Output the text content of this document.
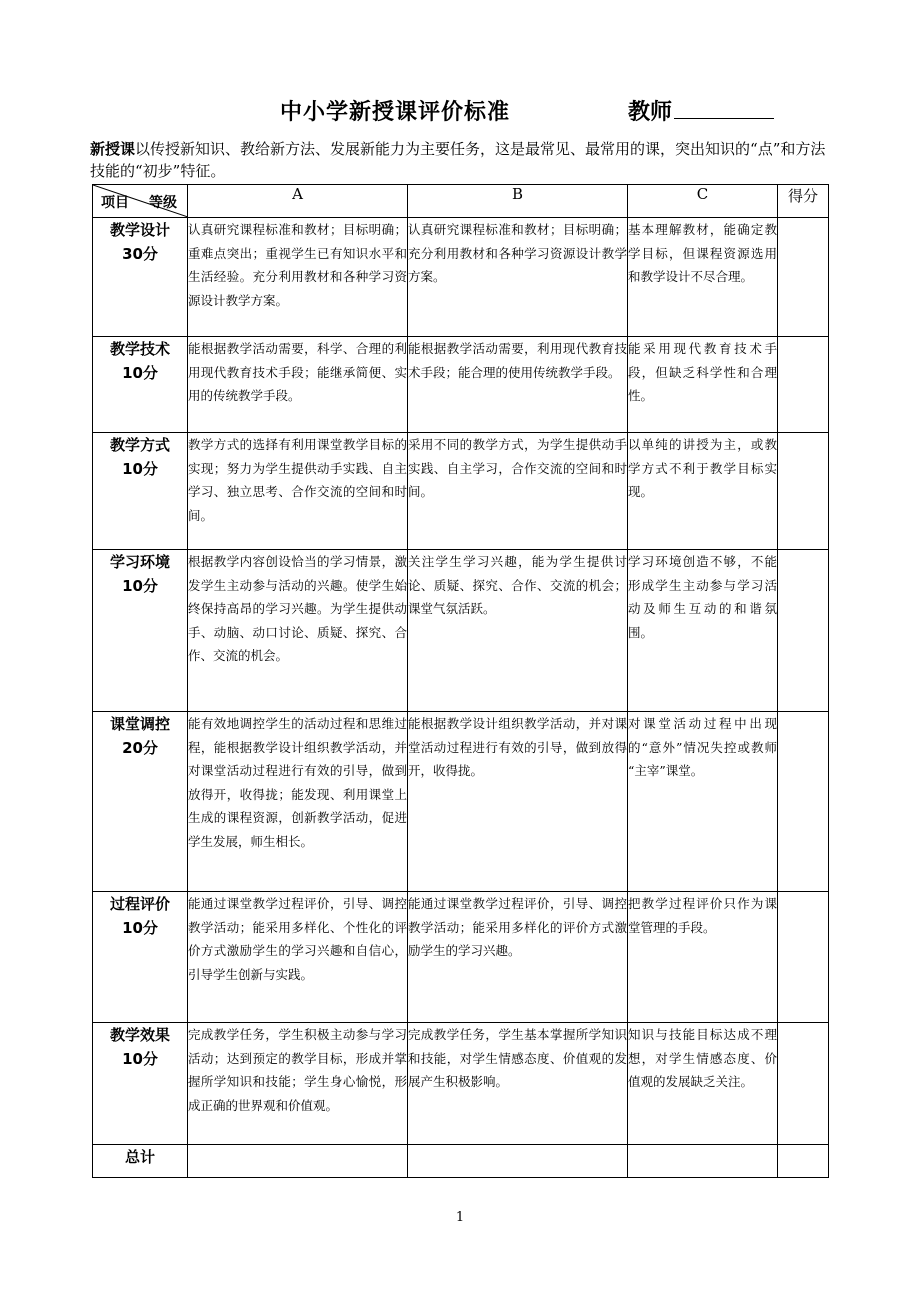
中小学新授课评价标准	教师
新授课以传授新知识、教给新方法、发展新能力为主要任务，这是最常见、最常用的课，突出知识的“点”和方法技能的“初步”特征。
项目 等级	A	B	C	得分

教学设计
30分	认真研究课程标准和教材；目标明确；重难点突出；重视学生已有知识水平和生活经验。充分利用教材和各种学习资源设计教学方案。	认真研究课程标准和教材；目标明确；充分利用教材和各种学习资源设计教学方案。	基本理解教材，能确定教学目标，但课程资源选用和教学设计不尽合理。	

教学技术
10分	能根据教学活动需要，科学、合理的利用现代教育技术手段；能继承简便、实用的传统教学手段。	能根据教学活动需要，利用现代教育技术手段；能合理的使用传统教学手段。	能采用现代教育技术手段，但缺乏科学性和合理性。	

教学方式
10分	教学方式的选择有利用课堂教学目标的实现；努力为学生提供动手实践、自主学习、独立思考、合作交流的空间和时间。	采用不同的教学方式，为学生提供动手实践、自主学习，合作交流的空间和时间。	以单纯的讲授为主，或教学方式不利于教学目标实现。	

学习环境
10分	根据教学内容创设恰当的学习情景，激发学生主动参与活动的兴趣。使学生始终保持高昂的学习兴趣。为学生提供动手、动脑、动口讨论、质疑、探究、合作、交流的机会。	关注学生学习兴趣，能为学生提供讨论、质疑、探究、合作、交流的机会；课堂气氛活跃。	学习环境创造不够，不能形成学生主动参与学习活动及师生互动的和谐氛围。	

课堂调控
20分	能有效地调控学生的活动过程和思维过程，能根据教学设计组织教学活动，并对课堂活动过程进行有效的引导，做到放得开，收得拢；能发现、利用课堂上生成的课程资源，创新教学活动，促进学生发展，师生相长。	能根据教学设计组织教学活动，并对课堂活动过程进行有效的引导，做到放得开，收得拢。	对课堂活动过程中出现的“意外”情况失控或教师 “主宰”课堂。	

过程评价
10分	能通过课堂教学过程评价，引导、调控教学活动；能采用多样化、个性化的评价方式激励学生的学习兴趣和自信心，引导学生创新与实践。	能通过课堂教学过程评价，引导、调控教学活动；能采用多样化的评价方式激励学生的学习兴趣。	把教学过程评价只作为课堂管理的手段。	

教学效果
10分	完成教学任务，学生积极主动参与学习活动；达到预定的教学目标，形成并掌握所学知识和技能；学生身心愉悦，形成正确的世界观和价值观。	完成教学任务，学生基本掌握所学知识和技能，对学生情感态度、价值观的发展产生积极影响。	知识与技能目标达成不理想，对学生情感态度、价值观的发展缺乏关注。	
总计				
1
